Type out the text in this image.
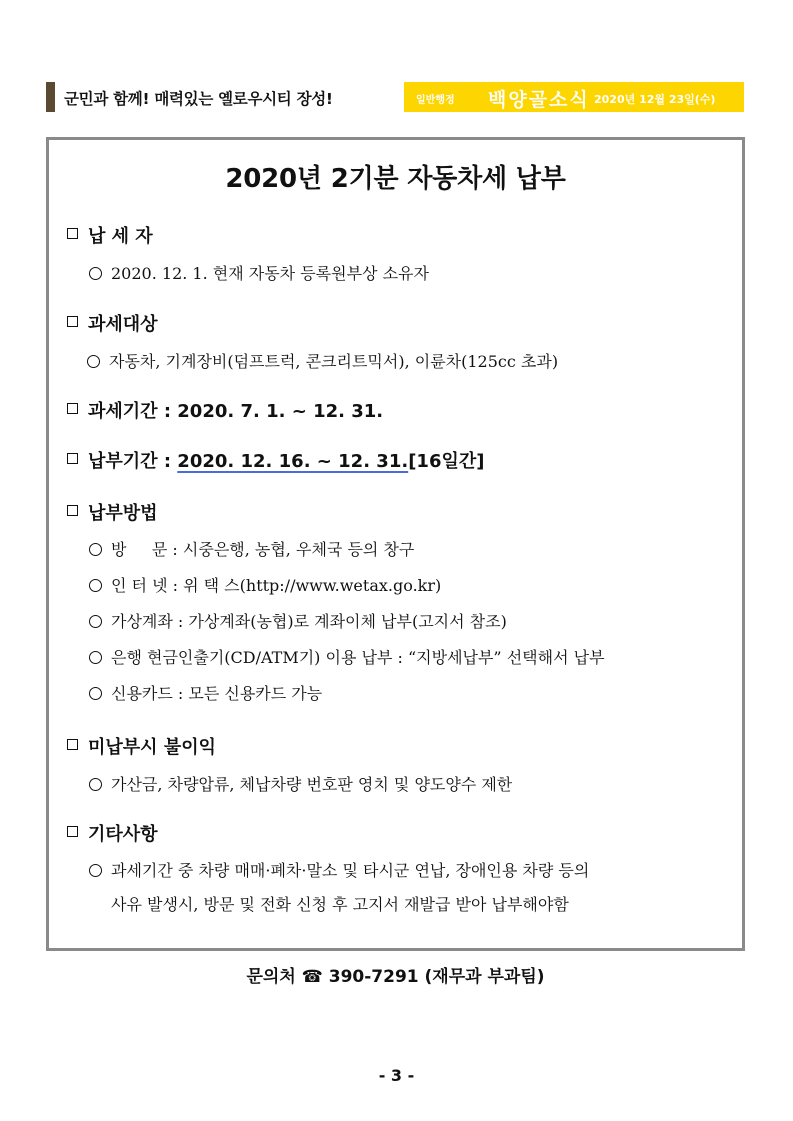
군민과 함께! 매력있는 옐로우시티 장성!	일반행정 백양골소식 2020년 12월 23일(수)
2020년 2기분 자동차세 납부
납 세 자
2020. 12. 1. 현재 자동차 등록원부상 소유자
과세대상
자동차, 기계장비(덤프트럭, 콘크리트믹서), 이륜차(125cc 초과)
과세기간 : 2020. 7. 1. ~ 12. 31.
납부기간 : 2020. 12. 16. ~ 12. 31.[16일간]
납부방법
방     문 : 시중은행, 농협, 우체국 등의 창구
인 터 넷 : 위 택 스(http://www.wetax.go.kr)
가상계좌 : 가상계좌(농협)로 계좌이체 납부(고지서 참조)
은행 현금인출기(CD/ATM기) 이용 납부 : “지방세납부” 선택해서 납부
신용카드 : 모든 신용카드 가능
미납부시 불이익
가산금, 차량압류, 체납차량 번호판 영치 및 양도양수 제한
기타사항
과세기간 중 차량 매매·폐차·말소 및 타시군 연납, 장애인용 차량 등의
사유 발생시, 방문 및 전화 신청 후 고지서 재발급 받아 납부해야함
문의처 ☎ 390-7291 (재무과 부과팀)
- 3 -
